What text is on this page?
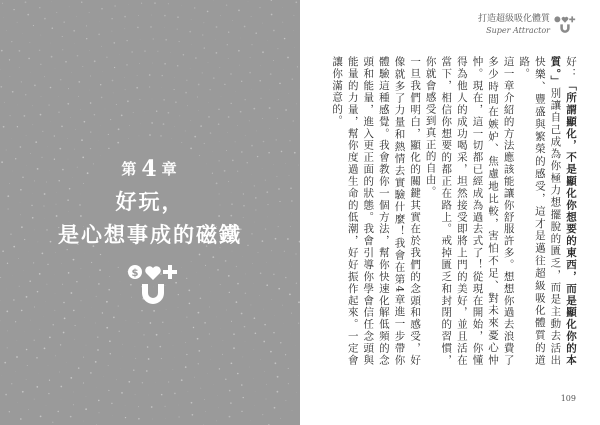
第 4 章
好玩，
是心想事成的磁鐵
$
打造超級吸化體質
Super Attractor

好：「所謂顯化，不是顯化你想要的東西，而是顯化你的本質。」別讓自己成為你極力想擺脫的匱乏，而是主動去活出快樂、豐盛與繁榮的感受，這才是邁往超級吸化體質的道路。

這一章介紹的方法應該能讓你舒服許多。想想你過去浪費了多少時間在嫉妒、焦慮地比較，害怕不足、對未來憂心忡忡。現在，這一切都已經成為過去式了！從現在開始，你懂得為他人的成功喝采，坦然接受即將上門的美好，並且活在當下，相信你想要的都正在路上。戒掉匱乏和封閉的習慣，你就會感受到真正的自由。

一旦我們明白，顯化的關鍵其實在於我們的念頭和感受，好像就多了力量和熱情去實驗什麼！我會在第4章進一步帶你體驗這種感覺。我會教你一個方法，幫你快速化解低頻的念頭和能量，進入更正面的狀態。我會引導你學會信任念頭與能量的力量，幫你度過生命的低潮，好好振作起來。一定會讓你滿意的。

109
